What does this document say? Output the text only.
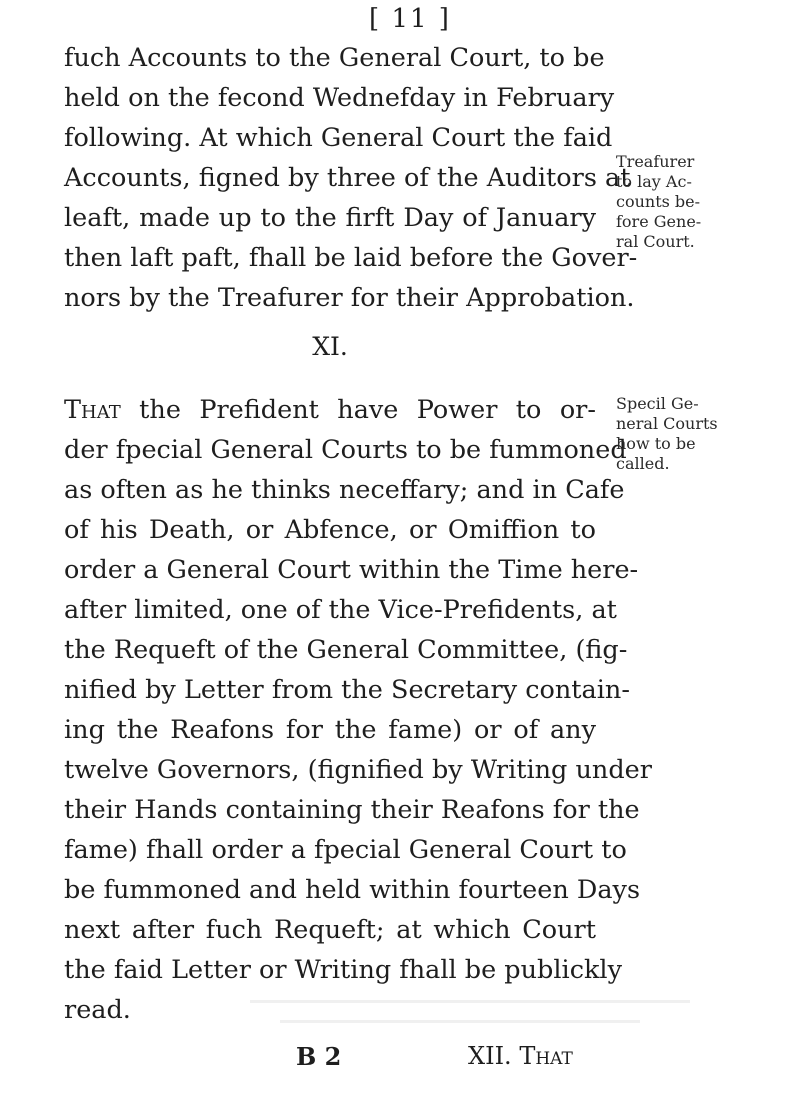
[ 11 ]
fuch Accounts to the General Court, to be
held on the fecond Wednefday in February
following. At which General Court the faid
Accounts, figned by three of the Auditors at
leaft, made up to the firft Day of January
then laft paft, fhall be laid before the Gover-
nors by the Treafurer for their Approbation.
Treafurer
to lay Ac-
counts be-
fore Gene-
ral Court.
XI.
That the Prefident have Power to or-
der fpecial General Courts to be fummoned
as often as he thinks neceffary; and in Cafe
of his Death, or Abfence, or Omiffion to
order a General Court within the Time here-
after limited, one of the Vice-Prefidents, at
the Requeft of the General Committee, (fig-
nified by Letter from the Secretary contain-
ing the Reafons for the fame) or of any
twelve Governors, (fignified by Writing under
their Hands containing their Reafons for the
fame) fhall order a fpecial General Court to
be fummoned and held within fourteen Days
next after fuch Requeft; at which Court
the faid Letter or Writing fhall be publickly
read.
Specil Ge-
neral Courts
how to be
called.
B 2	XII. That
